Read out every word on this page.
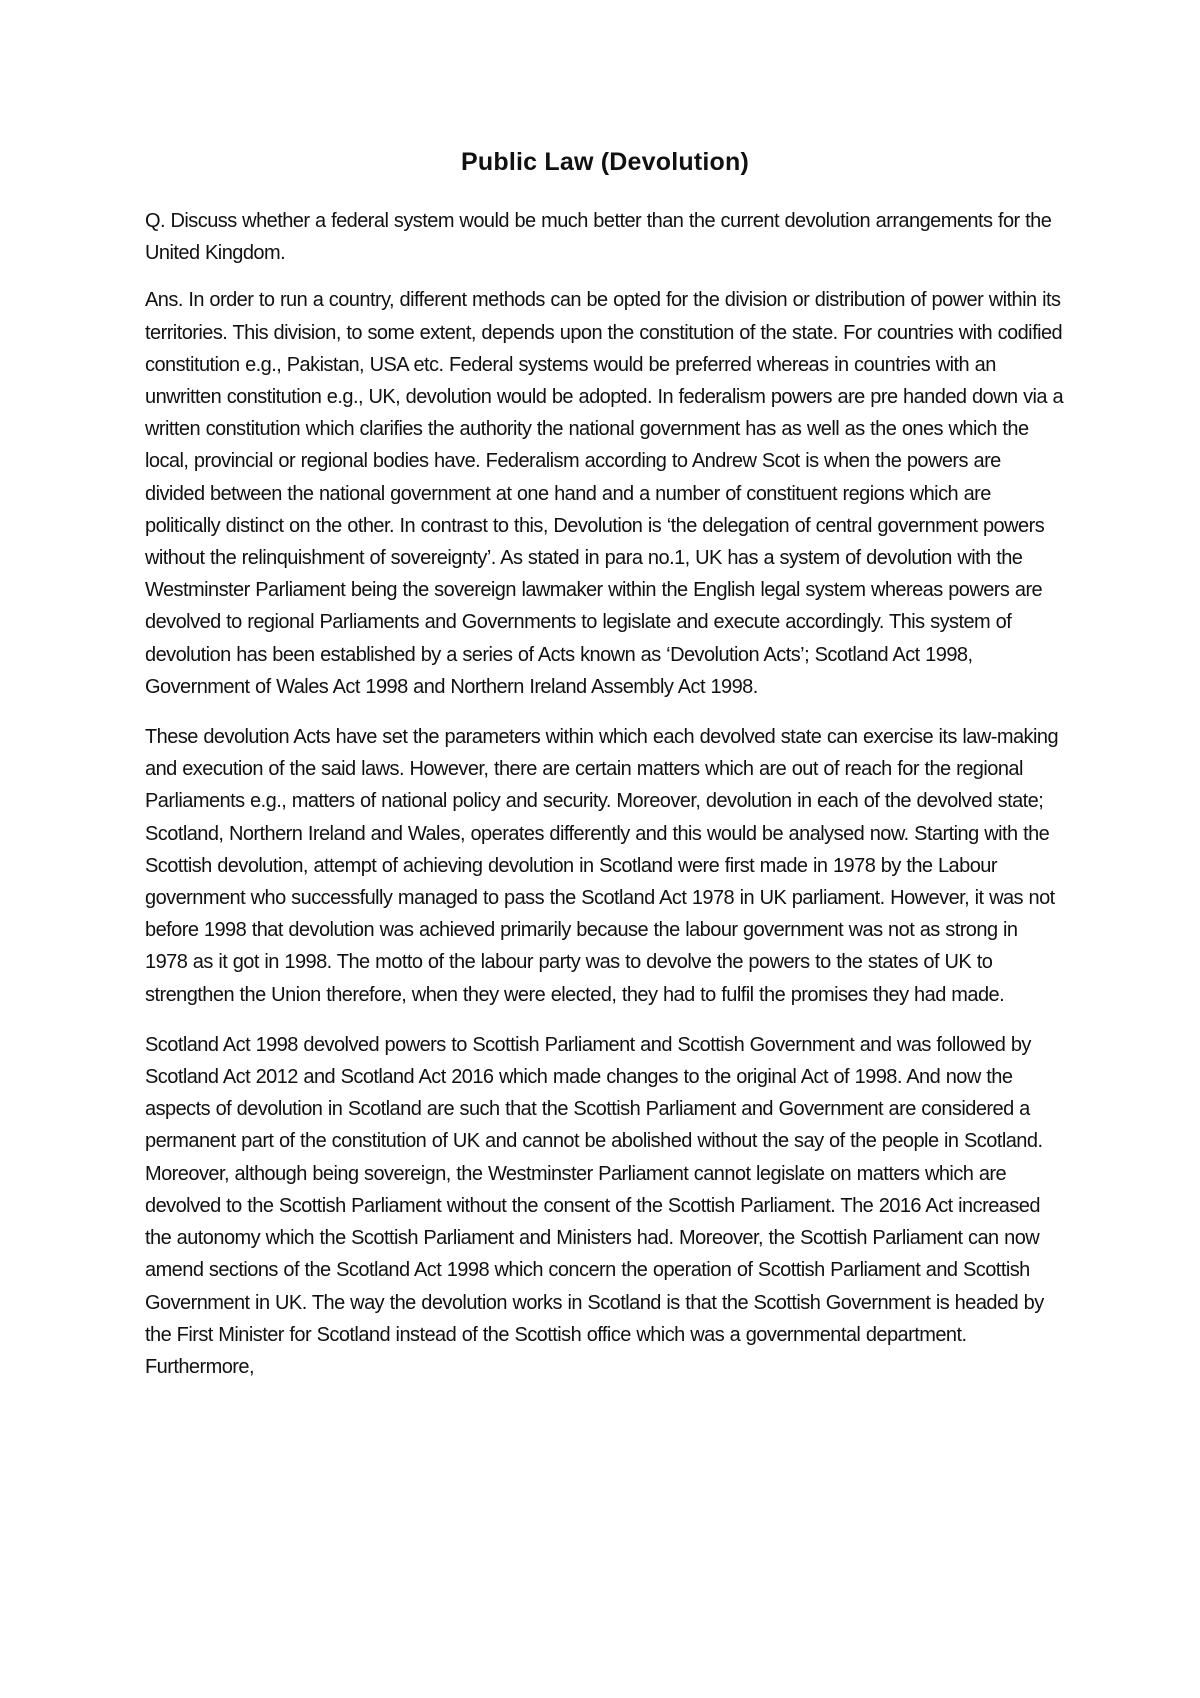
Public Law (Devolution)

Q. Discuss whether a federal system would be much better than the current devolution arrangements for the United Kingdom.

Ans. In order to run a country, different methods can be opted for the division or distribution of power within its territories. This division, to some extent, depends upon the constitution of the state. For countries with codified constitution e.g., Pakistan, USA etc. Federal systems would be preferred whereas in countries with an unwritten constitution e.g., UK, devolution would be adopted. In federalism powers are pre handed down via a written constitution which clarifies the authority the national government has as well as the ones which the local, provincial or regional bodies have. Federalism according to Andrew Scot is when the powers are divided between the national government at one hand and a number of constituent regions which are politically distinct on the other. In contrast to this, Devolution is ‘the delegation of central government powers without the relinquishment of sovereignty’. As stated in para no.1, UK has a system of devolution with the Westminster Parliament being the sovereign lawmaker within the English legal system whereas powers are devolved to regional Parliaments and Governments to legislate and execute accordingly. This system of devolution has been established by a series of Acts known as ‘Devolution Acts’; Scotland Act 1998, Government of Wales Act 1998 and Northern Ireland Assembly Act 1998.

These devolution Acts have set the parameters within which each devolved state can exercise its law-making and execution of the said laws. However, there are certain matters which are out of reach for the regional Parliaments e.g., matters of national policy and security. Moreover, devolution in each of the devolved state; Scotland, Northern Ireland and Wales, operates differently and this would be analysed now. Starting with the Scottish devolution, attempt of achieving devolution in Scotland were first made in 1978 by the Labour government who successfully managed to pass the Scotland Act 1978 in UK parliament. However, it was not before 1998 that devolution was achieved primarily because the labour government was not as strong in 1978 as it got in 1998. The motto of the labour party was to devolve the powers to the states of UK to strengthen the Union therefore, when they were elected, they had to fulfil the promises they had made.

Scotland Act 1998 devolved powers to Scottish Parliament and Scottish Government and was followed by Scotland Act 2012 and Scotland Act 2016 which made changes to the original Act of 1998. And now the aspects of devolution in Scotland are such that the Scottish Parliament and Government are considered a permanent part of the constitution of UK and cannot be abolished without the say of the people in Scotland. Moreover, although being sovereign, the Westminster Parliament cannot legislate on matters which are devolved to the Scottish Parliament without the consent of the Scottish Parliament. The 2016 Act increased the autonomy which the Scottish Parliament and Ministers had. Moreover, the Scottish Parliament can now amend sections of the Scotland Act 1998 which concern the operation of Scottish Parliament and Scottish Government in UK. The way the devolution works in Scotland is that the Scottish Government is headed by the First Minister for Scotland instead of the Scottish office which was a governmental department. Furthermore,
